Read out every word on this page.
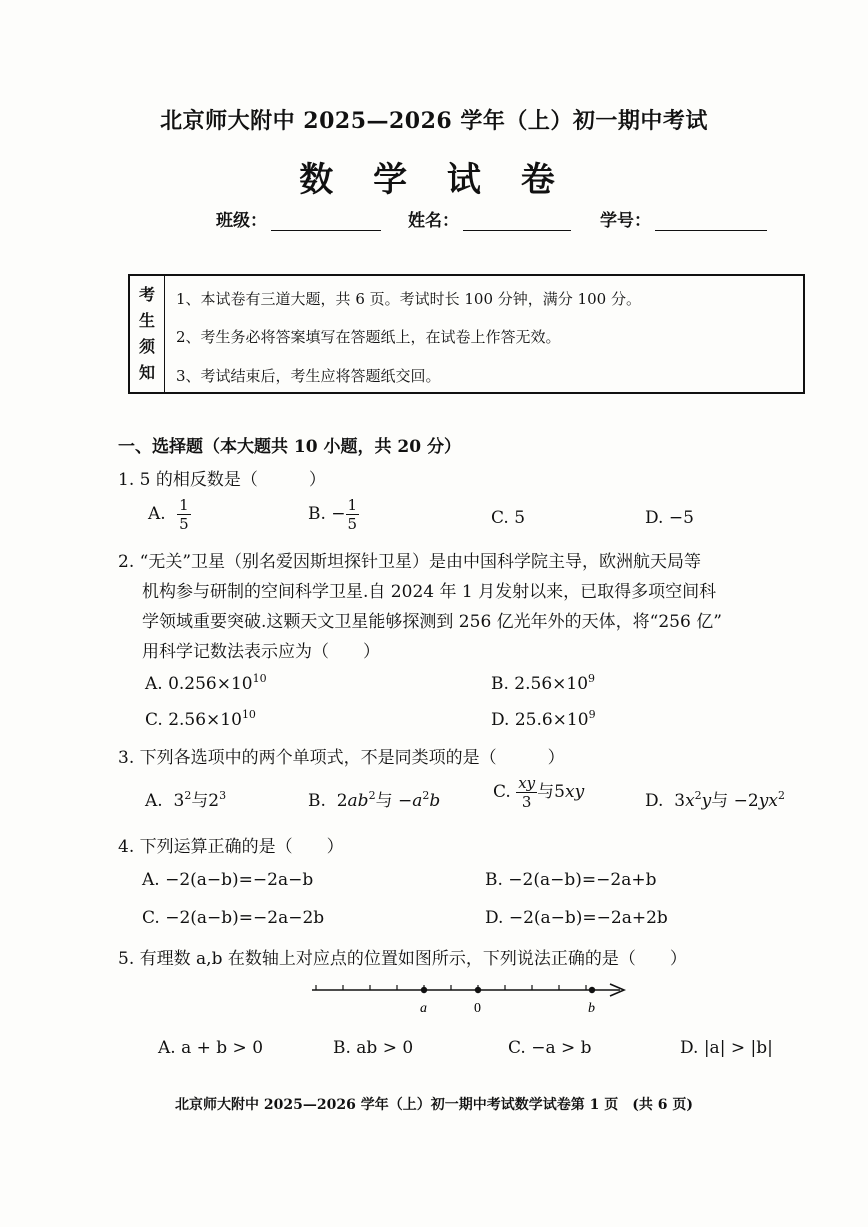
北京师大附中 2025—2026 学年（上）初一期中考试
数 学 试 卷
班级：	姓名：	学号：
考
生
须
知
1、本试卷有三道大题，共 6 页。考试时长 100 分钟，满分 100 分。
2、考生务必将答案填写在答题纸上，在试卷上作答无效。
3、考试结束后，考生应将答题纸交回。
一、选择题（本大题共 10 小题，共 20 分）
1. 5 的相反数是（　　　）
A. $\frac{1}{5}$	B. − $\frac{1}{5}$	C. 5	D. −5
2. “无关”卫星（别名爱因斯坦探针卫星）是由中国科学院主导，欧洲航天局等
机构参与研制的空间科学卫星.自 2024 年 1 月发射以来，已取得多项空间科
学领域重要突破.这颗天文卫星能够探测到 256 亿光年外的天体，将“256 亿”
用科学记数法表示应为（　　）
A. $0.256\times 10^{10}$	B. $2.56\times 10^9$
C. $2.56\times 10^{10}$	D. $25.6\times 10^9$
3. 下列各选项中的两个单项式，不是同类项的是（　　　）
A.  $3^2$与$2^3$	B.  $2ab^2$与 $-a^2b$	C. $\frac{xy}{3}$ 与5xy	D.  $3x^2y$与 $-2yx^2$
4. 下列运算正确的是（　　）
A. −2(a−b)=−2a−b	B. −2(a−b)=−2a+b
C. −2(a−b)=−2a−2b	D. −2(a−b)=−2a+2b
5. 有理数 a,b 在数轴上对应点的位置如图所示，下列说法正确的是（　　）
a	0	b
A. a + b > 0	B. ab > 0	C. −a > b	D. |a| > |b|
北京师大附中 2025—2026 学年（上）初一期中考试数学试卷第 1 页　(共 6 页)
